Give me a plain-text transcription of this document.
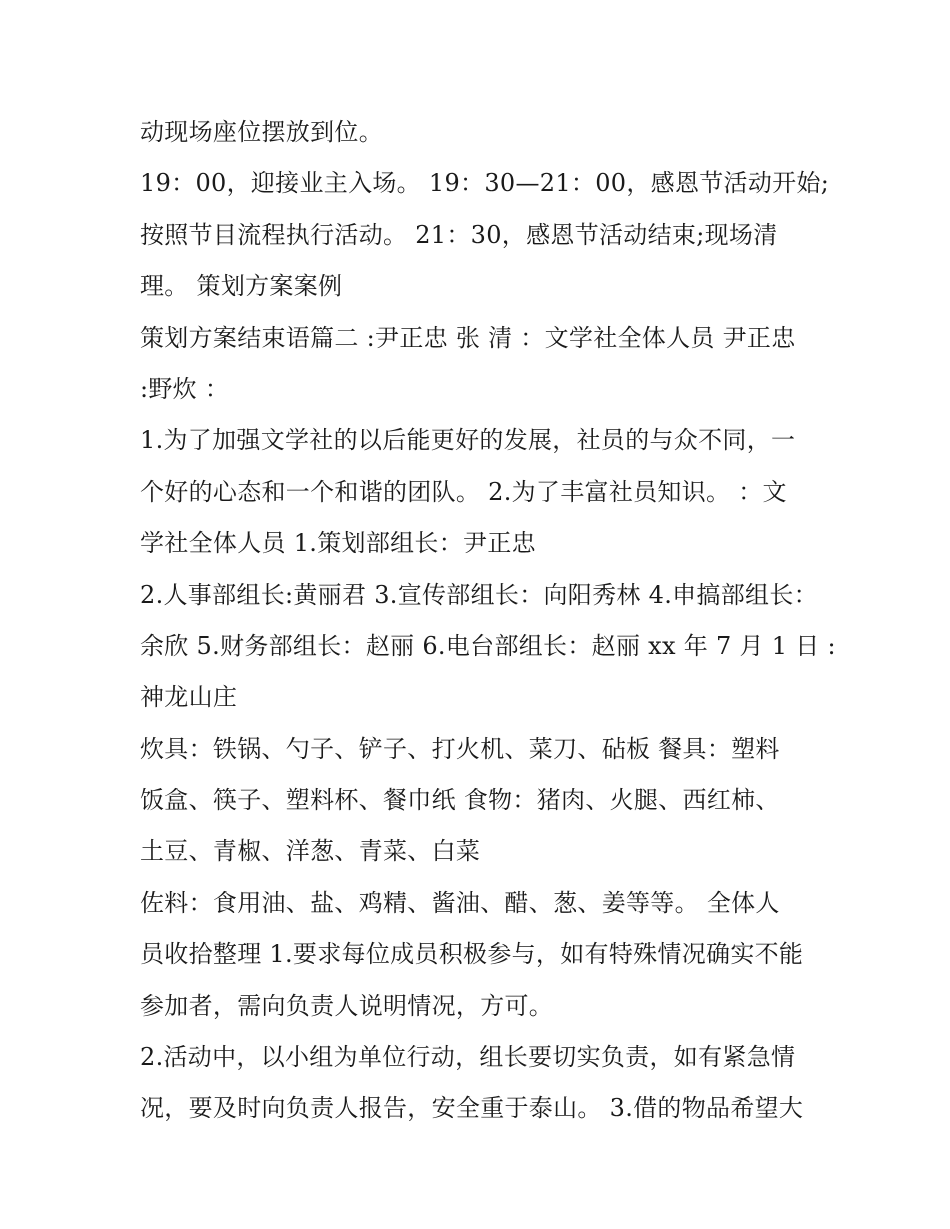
动现场座位摆放到位。
19：00，迎接业主入场。 19：30—21：00，感恩节活动开始;
按照节目流程执行活动。 21：30，感恩节活动结束;现场清
理。 策划方案案例
策划方案结束语篇二 :尹正忠 张 清 ：文学社全体人员 尹正忠
:野炊 ：
1.为了加强文学社的以后能更好的发展，社员的与众不同，一
个好的心态和一个和谐的团队。 2.为了丰富社员知识。 ：文
学社全体人员 1.策划部组长：尹正忠
2.人事部组长:黄丽君 3.宣传部组长：向阳秀林 4.申搞部组长：
余欣 5.财务部组长：赵丽 6.电台部组长：赵丽 xx 年 7 月 1 日 :
神龙山庄
炊具：铁锅、勺子、铲子、打火机、菜刀、砧板 餐具：塑料
饭盒、筷子、塑料杯、餐巾纸 食物：猪肉、火腿、西红柿、
土豆、青椒、洋葱、青菜、白菜
佐料：食用油、盐、鸡精、酱油、醋、葱、姜等等。 全体人
员收拾整理 1.要求每位成员积极参与，如有特殊情况确实不能
参加者，需向负责人说明情况，方可。
2.活动中，以小组为单位行动，组长要切实负责，如有紧急情
况，要及时向负责人报告，安全重于泰山。 3.借的物品希望大
